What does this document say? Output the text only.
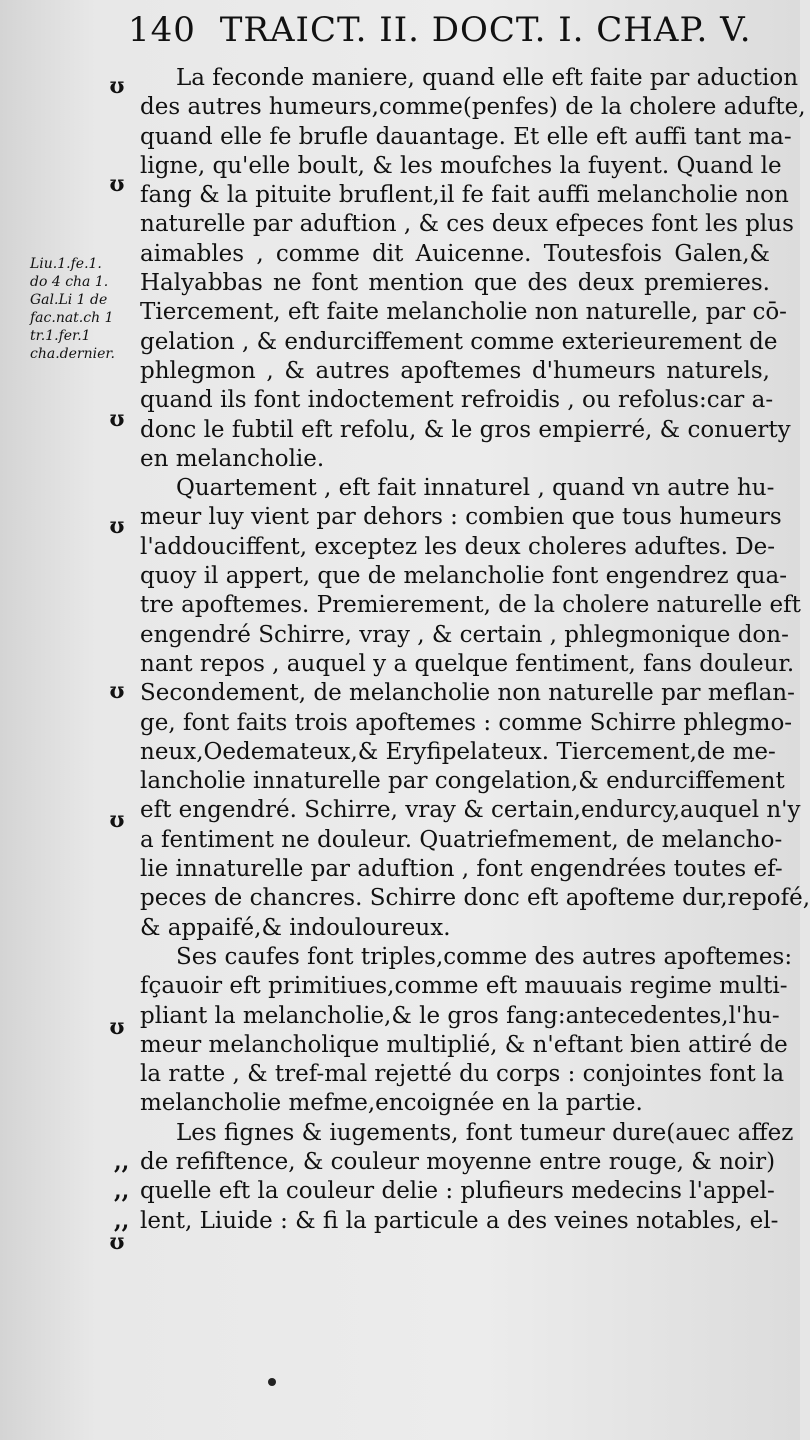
140 TRAICT. II. DOCT. I. CHAP. V.
Liu.1.fe.1.
do 4 cha 1.
Gal.Li 1 de
fac.nat.ch 1
tr.1.fer.1
cha.dernier.
ʊ
ʊ
ʊ
ʊ
ʊ
ʊ
ʊ
ʊ
La feconde maniere, quand elle eft faite par aduction
des autres humeurs,comme(penfes) de la cholere adufte,
quand elle fe brufle dauantage. Et elle eft auffi tant ma-
ligne, qu'elle boult, & les moufches la fuyent. Quand le
fang & la pituite bruflent,il fe fait auffi melancholie non
naturelle par aduftion , & ces deux efpeces font les plus
aimables , comme dit Auicenne. Toutesfois Galen,&
Halyabbas ne font mention que des deux premieres.
Tiercement, eft faite melancholie non naturelle, par cō-
gelation , & endurciffement comme exterieurement de
phlegmon , & autres apoftemes d'humeurs naturels,
quand ils font indoctement refroidis , ou refolus:car a-
donc le fubtil eft refolu, & le gros empierré, & conuerty
en melancholie.
Quartement , eft fait innaturel , quand vn autre hu-
meur luy vient par dehors : combien que tous humeurs
l'addouciffent, exceptez les deux choleres aduftes. De-
quoy il appert, que de melancholie font engendrez qua-
tre apoftemes. Premierement, de la cholere naturelle eft
engendré Schirre, vray , & certain , phlegmonique don-
nant repos , auquel y a quelque fentiment, fans douleur.
Secondement, de melancholie non naturelle par meflan-
ge, font faits trois apoftemes : comme Schirre phlegmo-
neux,Oedemateux,& Eryfipelateux. Tiercement,de me-
lancholie innaturelle par congelation,& endurciffement
eft engendré. Schirre, vray & certain,endurcy,auquel n'y
a fentiment ne douleur. Quatriefmement, de melancho-
lie innaturelle par aduftion , font engendrées toutes ef-
peces de chancres. Schirre donc eft apofteme dur,repofé,
& appaifé,& indouloureux.
Ses caufes font triples,comme des autres apoftemes:
fçauoir eft primitiues,comme eft mauuais regime multi-
pliant la melancholie,& le gros fang:antecedentes,l'hu-
meur melancholique multiplié, & n'eftant bien attiré de
la ratte , & tref-mal rejetté du corps : conjointes font la
melancholie mefme,encoignée en la partie.
Les fignes & iugements, font tumeur dure(auec affez
,, de refiftence, & couleur moyenne entre rouge, & noir)
,, quelle eft la couleur delie : plufieurs medecins l'appel-
,, lent, Liuide : & fi la particule a des veines notables, el-
